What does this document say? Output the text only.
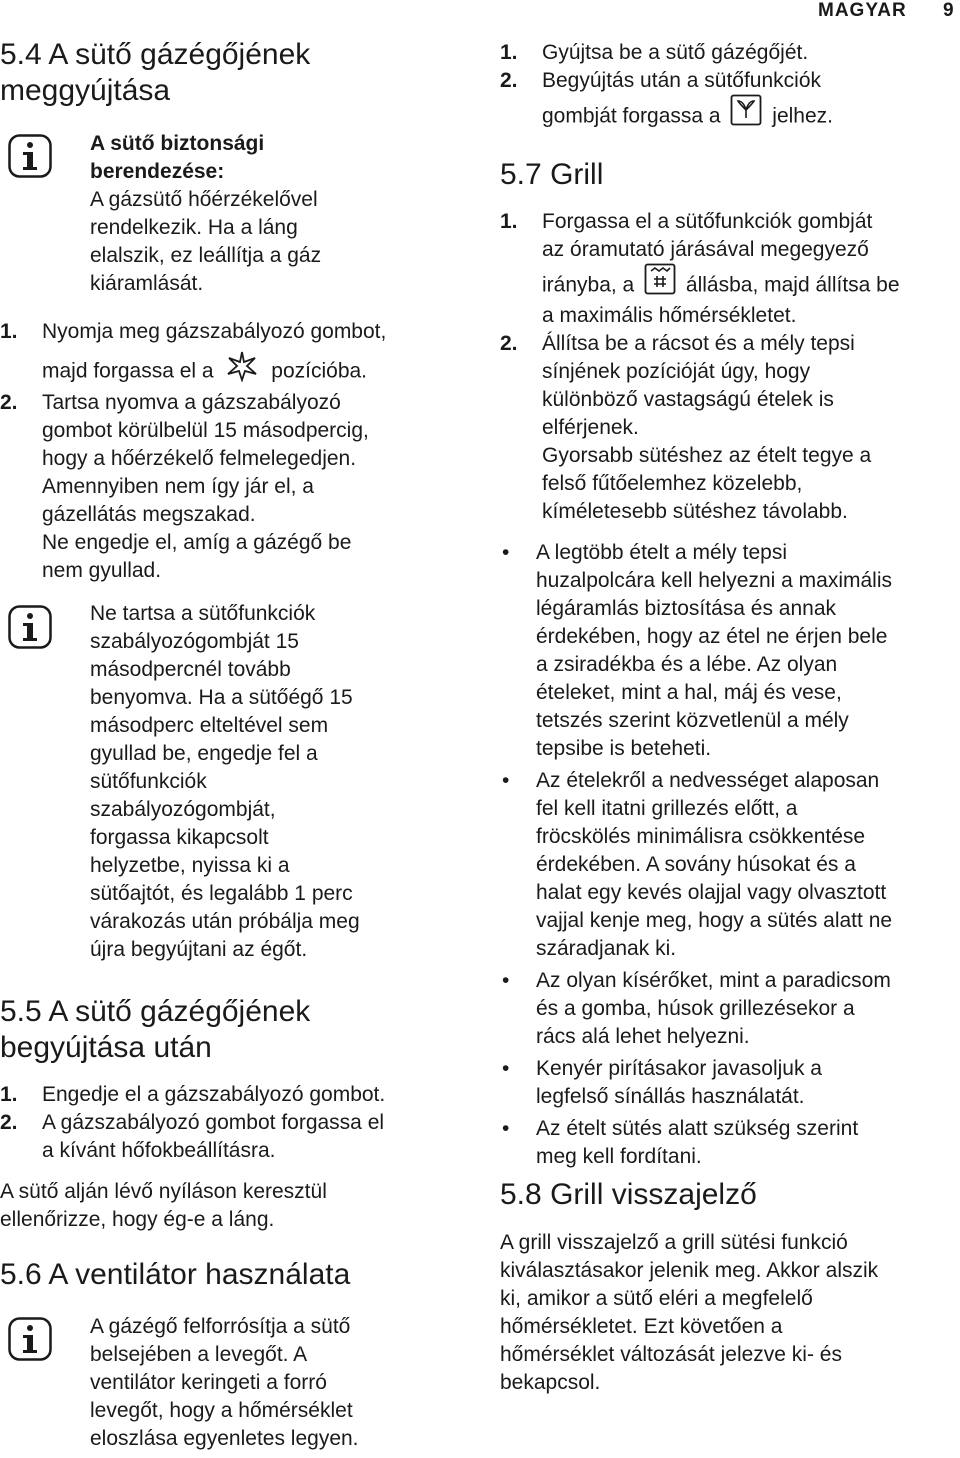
MAGYAR 9
5.4 A sütő gázégőjének
meggyújtása
A sütő biztonsági
berendezése:
A gázsütő hőérzékelővel
rendelkezik. Ha a láng
elalszik, ez leállítja a gáz
kiáramlását.
1. Nyomja meg gázszabályozó gombot,
majd forgassa el a	pozícióba.
2. Tartsa nyomva a gázszabályozó
gombot körülbelül 15 másodpercig,
hogy a hőérzékelő felmelegedjen.
Amennyiben nem így jár el, a
gázellátás megszakad.
Ne engedje el, amíg a gázégő be
nem gyullad.
Ne tartsa a sütőfunkciók
szabályozógombját 15
másodpercnél tovább
benyomva. Ha a sütőégő 15
másodperc elteltével sem
gyullad be, engedje fel a
sütőfunkciók
szabályozógombját,
forgassa kikapcsolt
helyzetbe, nyissa ki a
sütőajtót, és legalább 1 perc
várakozás után próbálja meg
újra begyújtani az égőt.
5.5 A sütő gázégőjének
begyújtása után
1. Engedje el a gázszabályozó gombot.
2. A gázszabályozó gombot forgassa el
a kívánt hőfokbeállításra.
A sütő alján lévő nyíláson keresztül
ellenőrizze, hogy ég-e a láng.
5.6 A ventilátor használata
A gázégő felforrósítja a sütő
belsejében a levegőt. A
ventilátor keringeti a forró
levegőt, hogy a hőmérséklet
eloszlása egyenletes legyen.
1. Gyújtsa be a sütő gázégőjét.
2. Begyújtás után a sütőfunkciók
gombját forgassa a jelhez.
5.7 Grill
1. Forgassa el a sütőfunkciók gombját
az óramutató járásával megegyező
irányba, a állásba, majd állítsa be
a maximális hőmérsékletet.
2. Állítsa be a rácsot és a mély tepsi
sínjének pozícióját úgy, hogy
különböző vastagságú ételek is
elférjenek.
Gyorsabb sütéshez az ételt tegye a
felső fűtőelemhez közelebb,
kíméletesebb sütéshez távolabb.
• A legtöbb ételt a mély tepsi
huzalpolcára kell helyezni a maximális
légáramlás biztosítása és annak
érdekében, hogy az étel ne érjen bele
a zsiradékba és a lébe. Az olyan
ételeket, mint a hal, máj és vese,
tetszés szerint közvetlenül a mély
tepsibe is beteheti.
• Az ételekről a nedvességet alaposan
fel kell itatni grillezés előtt, a
fröcskölés minimálisra csökkentése
érdekében. A sovány húsokat és a
halat egy kevés olajjal vagy olvasztott
vajjal kenje meg, hogy a sütés alatt ne
száradjanak ki.
• Az olyan kísérőket, mint a paradicsom
és a gomba, húsok grillezésekor a
rács alá lehet helyezni.
• Kenyér pirításakor javasoljuk a
legfelső sínállás használatát.
• Az ételt sütés alatt szükség szerint
meg kell fordítani.
5.8 Grill visszajelző
A grill visszajelző a grill sütési funkció
kiválasztásakor jelenik meg. Akkor alszik
ki, amikor a sütő eléri a megfelelő
hőmérsékletet. Ezt követően a
hőmérséklet változását jelezve ki- és
bekapcsol.
